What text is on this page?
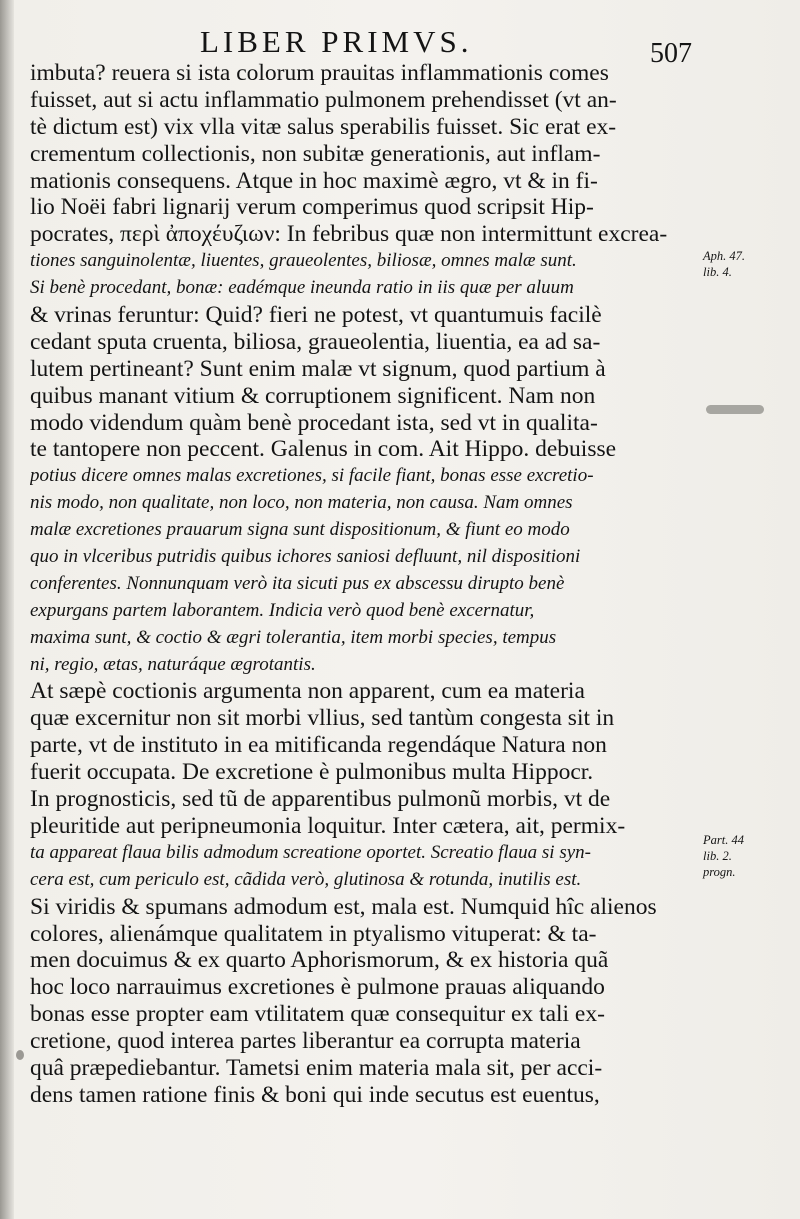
LIBER PRIMVS.	507
imbuta? reuera si ista colorum prauitas inflammationis comes
fuisset, aut si actu inflammatio pulmonem prehendisset (vt an-
tè dictum est) vix vlla vitæ salus sperabilis fuisset. Sic erat ex-
crementum collectionis, non subitæ generationis, aut inflam-
mationis consequens. Atque in hoc maximè ægro, vt & in fi-
lio Noëi fabri lignarij verum comperimus quod scripsit Hip-
pocrates, περὶ ἀποχέυζιων: In febribus quæ non intermittunt excrea-
tiones sanguinolentæ, liuentes, graueolentes, biliosæ, omnes malæ sunt.
Si benè procedant, bonæ: eadémque ineunda ratio in iis quæ per aluum
& vrinas feruntur: Quid? fieri ne potest, vt quantumuis facilè
cedant sputa cruenta, biliosa, graueolentia, liuentia, ea ad sa-
lutem pertineant? Sunt enim malæ vt signum, quod partium à
quibus manant vitium & corruptionem significent. Nam non
modo videndum quàm benè procedant ista, sed vt in qualita-
te tantopere non peccent. Galenus in com. Ait Hippo. debuisse
potius dicere omnes malas excretiones, si facile fiant, bonas esse excretio-
nis modo, non qualitate, non loco, non materia, non causa. Nam omnes
malæ excretiones prauarum signa sunt dispositionum, & fiunt eo modo
quo in vlceribus putridis quibus ichores saniosi defluunt, nil dispositioni
conferentes. Nonnunquam verò ita sicuti pus ex abscessu dirupto benè
expurgans partem laborantem. Indicia verò quod benè excernatur,
maxima sunt, & coctio & ægri tolerantia, item morbi species, tempus
ni, regio, ætas, naturáque ægrotantis.
At sæpè coctionis argumenta non apparent, cum ea materia
quæ excernitur non sit morbi vllius, sed tantùm congesta sit in
parte, vt de instituto in ea mitificanda regendáque Natura non
fuerit occupata. De excretione è pulmonibus multa Hippocr.
In prognosticis, sed tũ de apparentibus pulmonũ morbis, vt de
pleuritide aut peripneumonia loquitur. Inter cætera, ait, permix-
ta appareat flaua bilis admodum screatione oportet. Screatio flaua si syn-
cera est, cum periculo est, cãdida verò, glutinosa & rotunda, inutilis est.
Si viridis & spumans admodum est, mala est. Numquid hîc alienos
colores, alienámque qualitatem in ptyalismo vituperat: & ta-
men docuimus & ex quarto Aphorismorum, & ex historia quã
hoc loco narrauimus excretiones è pulmone prauas aliquando
bonas esse propter eam vtilitatem quæ consequitur ex tali ex-
cretione, quod interea partes liberantur ea corrupta materia
quâ præpediebantur. Tametsi enim materia mala sit, per acci-
dens tamen ratione finis & boni qui inde secutus est euentus,
Aph. 47.
lib. 4.
Part. 44
lib. 2.
progn.
